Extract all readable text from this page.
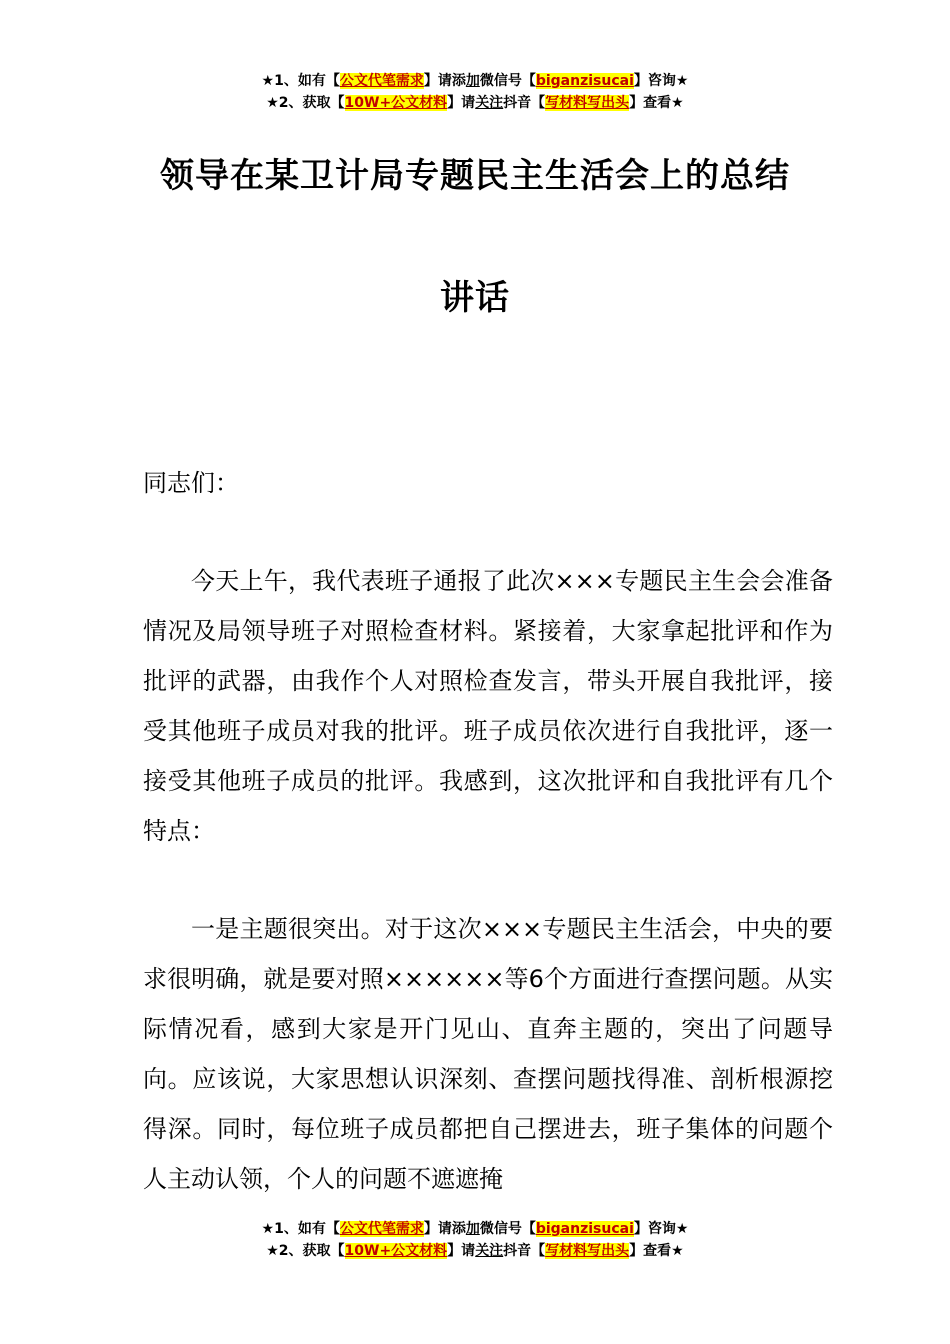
★1、如有【公文代笔需求】请添加微信号【biganzisucai】咨询★
★2、获取【10W+公文材料】请关注抖音【写材料写出头】查看★
领导在某卫计局专题民主生活会上的总结
讲话

同志们：

今天上午，我代表班子通报了此次×××专题民主生会会准备情况及局领导班子对照检查材料。紧接着，大家拿起批评和作为批评的武器，由我作个人对照检查发言，带头开展自我批评，接受其他班子成员对我的批评。班子成员依次进行自我批评，逐一接受其他班子成员的批评。我感到，这次批评和自我批评有几个特点：

一是主题很突出。对于这次×××专题民主生活会，中央的要求很明确，就是要对照××××××等6个方面进行查摆问题。从实际情况看，感到大家是开门见山、直奔主题的，突出了问题导向。应该说，大家思想认识深刻、查摆问题找得准、剖析根源挖得深。同时，每位班子成员都把自己摆进去，班子集体的问题个人主动认领，个人的问题不遮遮掩

★1、如有【公文代笔需求】请添加微信号【biganzisucai】咨询★
★2、获取【10W+公文材料】请关注抖音【写材料写出头】查看★
